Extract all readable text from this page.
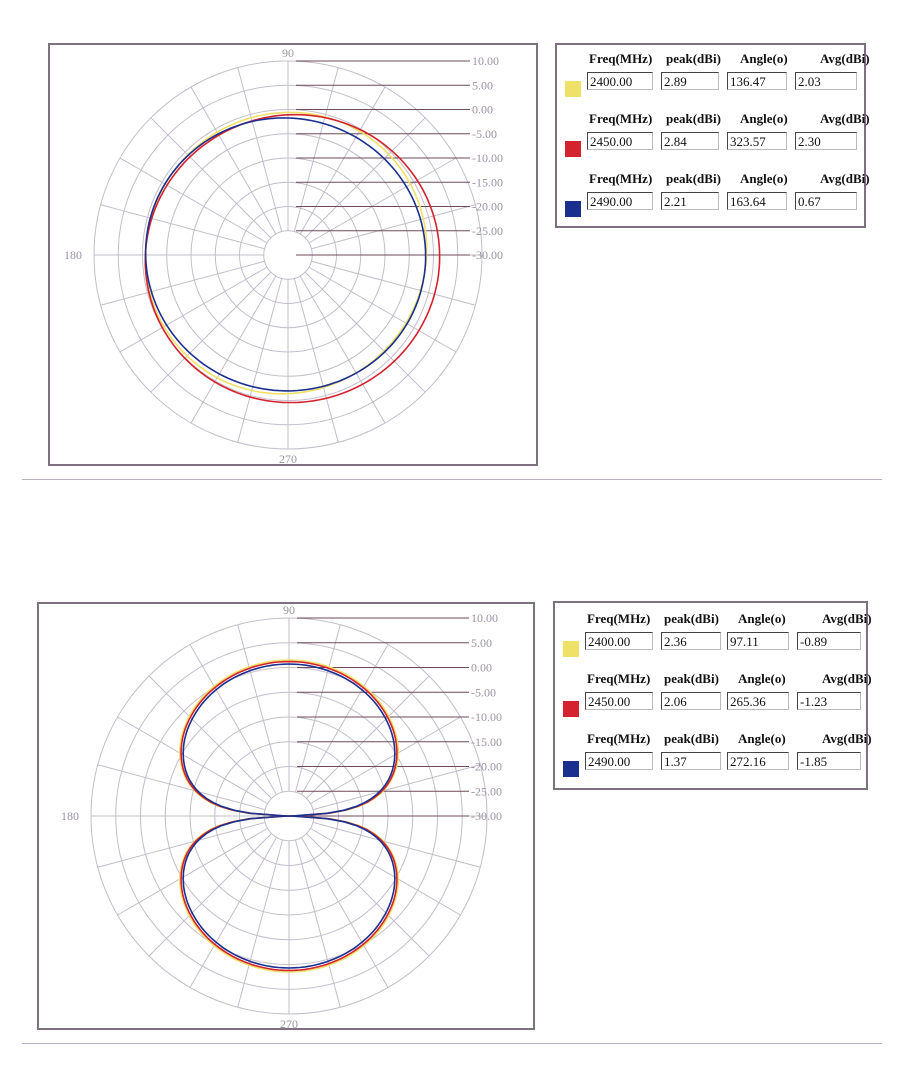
10.00
5.00
0.00
-5.00
-10.00
-15.00
-20.00
-25.00
-30.00
90
180
270
Freq(MHz) peak(dBi) Angle(o) Avg(dBi)
2400.00	2.89	136.47	2.03
Freq(MHz) peak(dBi) Angle(o) Avg(dBi)
2450.00	2.84	323.57	2.30
Freq(MHz) peak(dBi) Angle(o) Avg(dBi)
2490.00	2.21	163.64	0.67
10.00
5.00
0.00
-5.00
-10.00
-15.00
-20.00
-25.00
-30.00
90
180
270
Freq(MHz) peak(dBi) Angle(o)	Avg(dBi)
2400.00	2.36	97.11	-0.89
Freq(MHz) peak(dBi) Angle(o)	Avg(dBi)
2450.00	2.06	265.36	-1.23
Freq(MHz) peak(dBi) Angle(o)	Avg(dBi)
2490.00	1.37	272.16	-1.85
